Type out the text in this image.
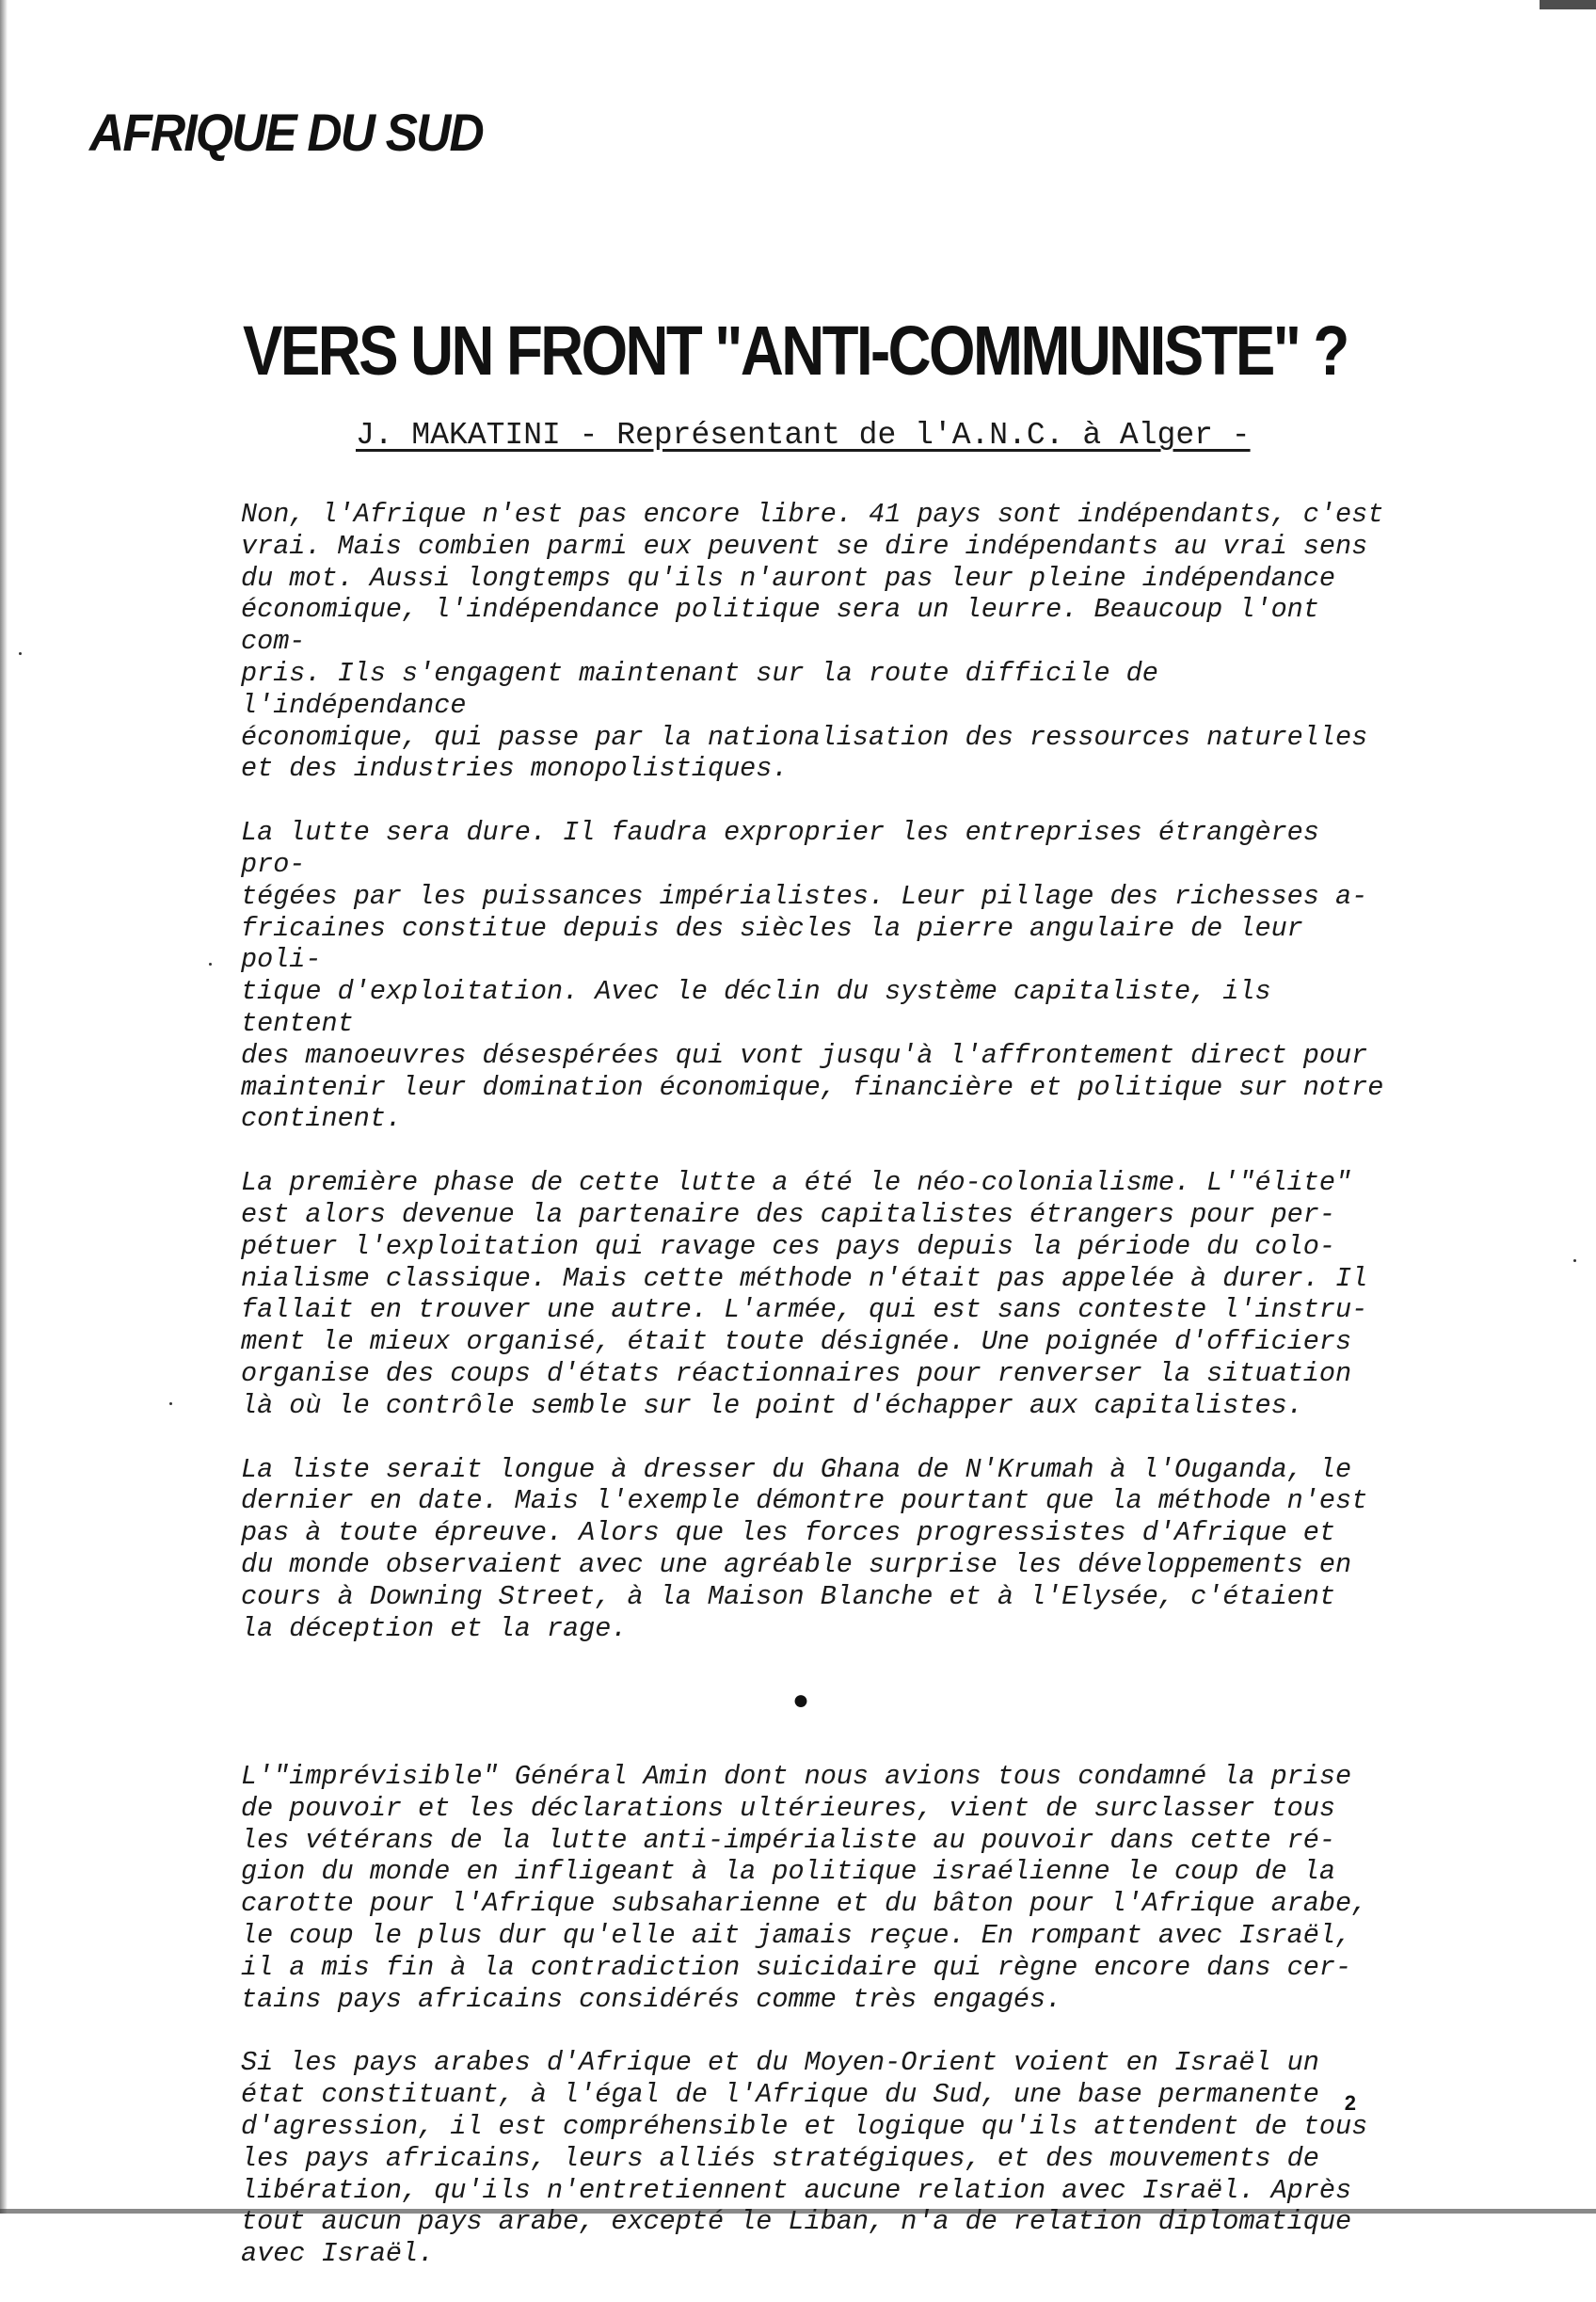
AFRIQUE DU SUD
VERS UN FRONT "ANTI-COMMUNISTE" ?
J. MAKATINI - Représentant de l'A.N.C. à Alger -

Non, l'Afrique n'est pas encore libre. 41 pays sont indépendants, c'est
vrai. Mais combien parmi eux peuvent se dire indépendants au vrai sens
du mot. Aussi longtemps qu'ils n'auront pas leur pleine indépendance
économique, l'indépendance politique sera un leurre. Beaucoup l'ont com-
pris. Ils s'engagent maintenant sur la route difficile de l'indépendance
économique, qui passe par la nationalisation des ressources naturelles
et des industries monopolistiques.

La lutte sera dure. Il faudra exproprier les entreprises étrangères pro-
tégées par les puissances impérialistes. Leur pillage des richesses a-
fricaines constitue depuis des siècles la pierre angulaire de leur poli-
tique d'exploitation. Avec le déclin du système capitaliste, ils tentent
des manoeuvres désespérées qui vont jusqu'à l'affrontement direct pour
maintenir leur domination économique, financière et politique sur notre
continent.

La première phase de cette lutte a été le néo-colonialisme. L'"élite"
est alors devenue la partenaire des capitalistes étrangers pour per-
pétuer l'exploitation qui ravage ces pays depuis la période du colo-
nialisme classique. Mais cette méthode n'était pas appelée à durer. Il
fallait en trouver une autre. L'armée, qui est sans conteste l'instru-
ment le mieux organisé, était toute désignée. Une poignée d'officiers
organise des coups d'états réactionnaires pour renverser la situation
là où le contrôle semble sur le point d'échapper aux capitalistes.

La liste serait longue à dresser du Ghana de N'Krumah à l'Ouganda, le
dernier en date. Mais l'exemple démontre pourtant que la méthode n'est
pas à toute épreuve. Alors que les forces progressistes d'Afrique et
du monde observaient avec une agréable surprise les développements en
cours à Downing Street, à la Maison Blanche et à l'Elysée, c'étaient
la déception et la rage.

●

L'"imprévisible" Général Amin dont nous avions tous condamné la prise
de pouvoir et les déclarations ultérieures, vient de surclasser tous
les vétérans de la lutte anti-impérialiste au pouvoir dans cette ré-
gion du monde en infligeant à la politique israélienne le coup de la
carotte pour l'Afrique subsaharienne et du bâton pour l'Afrique arabe,
le coup le plus dur qu'elle ait jamais reçue. En rompant avec Israël,
il a mis fin à la contradiction suicidaire qui règne encore dans cer-
tains pays africains considérés comme très engagés.

Si les pays arabes d'Afrique et du Moyen-Orient voient en Israël un
état constituant, à l'égal de l'Afrique du Sud, une base permanente
d'agression, il est compréhensible et logique qu'ils attendent de tous
les pays africains, leurs alliés stratégiques, et des mouvements de
libération, qu'ils n'entretiennent aucune relation avec Israël. Après
tout aucun pays arabe, excepté le Liban, n'a de relation diplomatique
avec Israël.

2
